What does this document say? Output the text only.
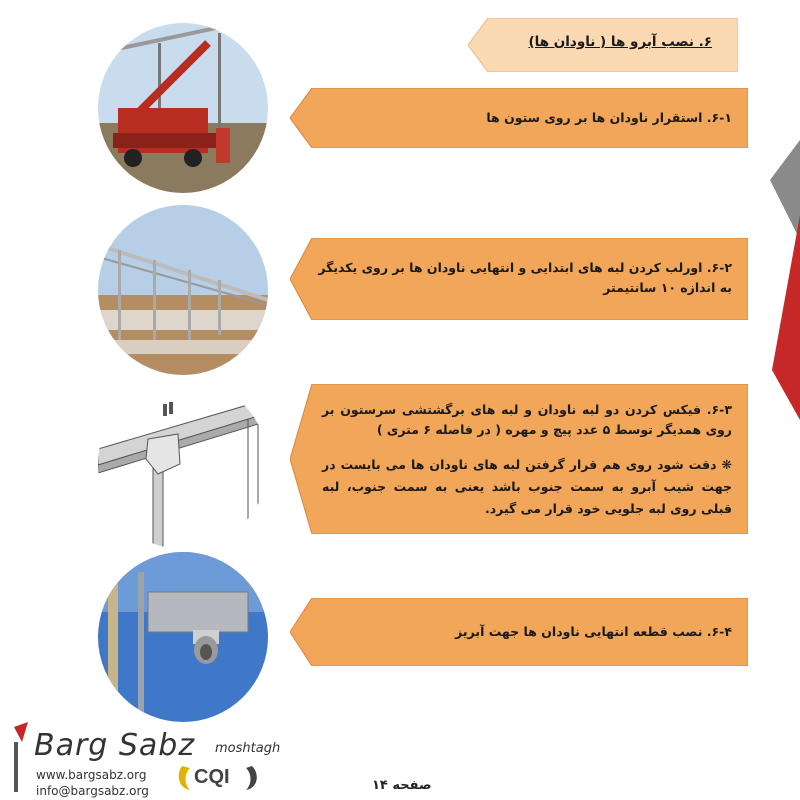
۶. نصب آبرو ها ( ناودان ها)
۶-۱. استقرار ناودان ها بر روی ستون ها
۶-۲. اورلب کردن لبه های ابتدایی و انتهایی ناودان ها بر روی یکدیگر به اندازه ۱۰ سانتیمتر
۶-۳. فیکس کردن دو لبه ناودان و لبه های برگشتشی سرستون بر روی همدیگر توسط ۵ عدد پیچ و مهره ( در فاصله ۶ متری )
❋ دقت شود روی هم قرار گرفتن لبه های ناودان ها می بایست در جهت شیب آبرو به سمت جنوب باشد یعنی به سمت جنوب، لبه قبلی روی لبه جلویی خود قرار می گیرد.
۶-۴. نصب قطعه انتهایی ناودان ها جهت آبریز
Barg Sabz moshtagh
www.bargsabz.org
info@bargsabz.org
CQI	صفحه ۱۴
